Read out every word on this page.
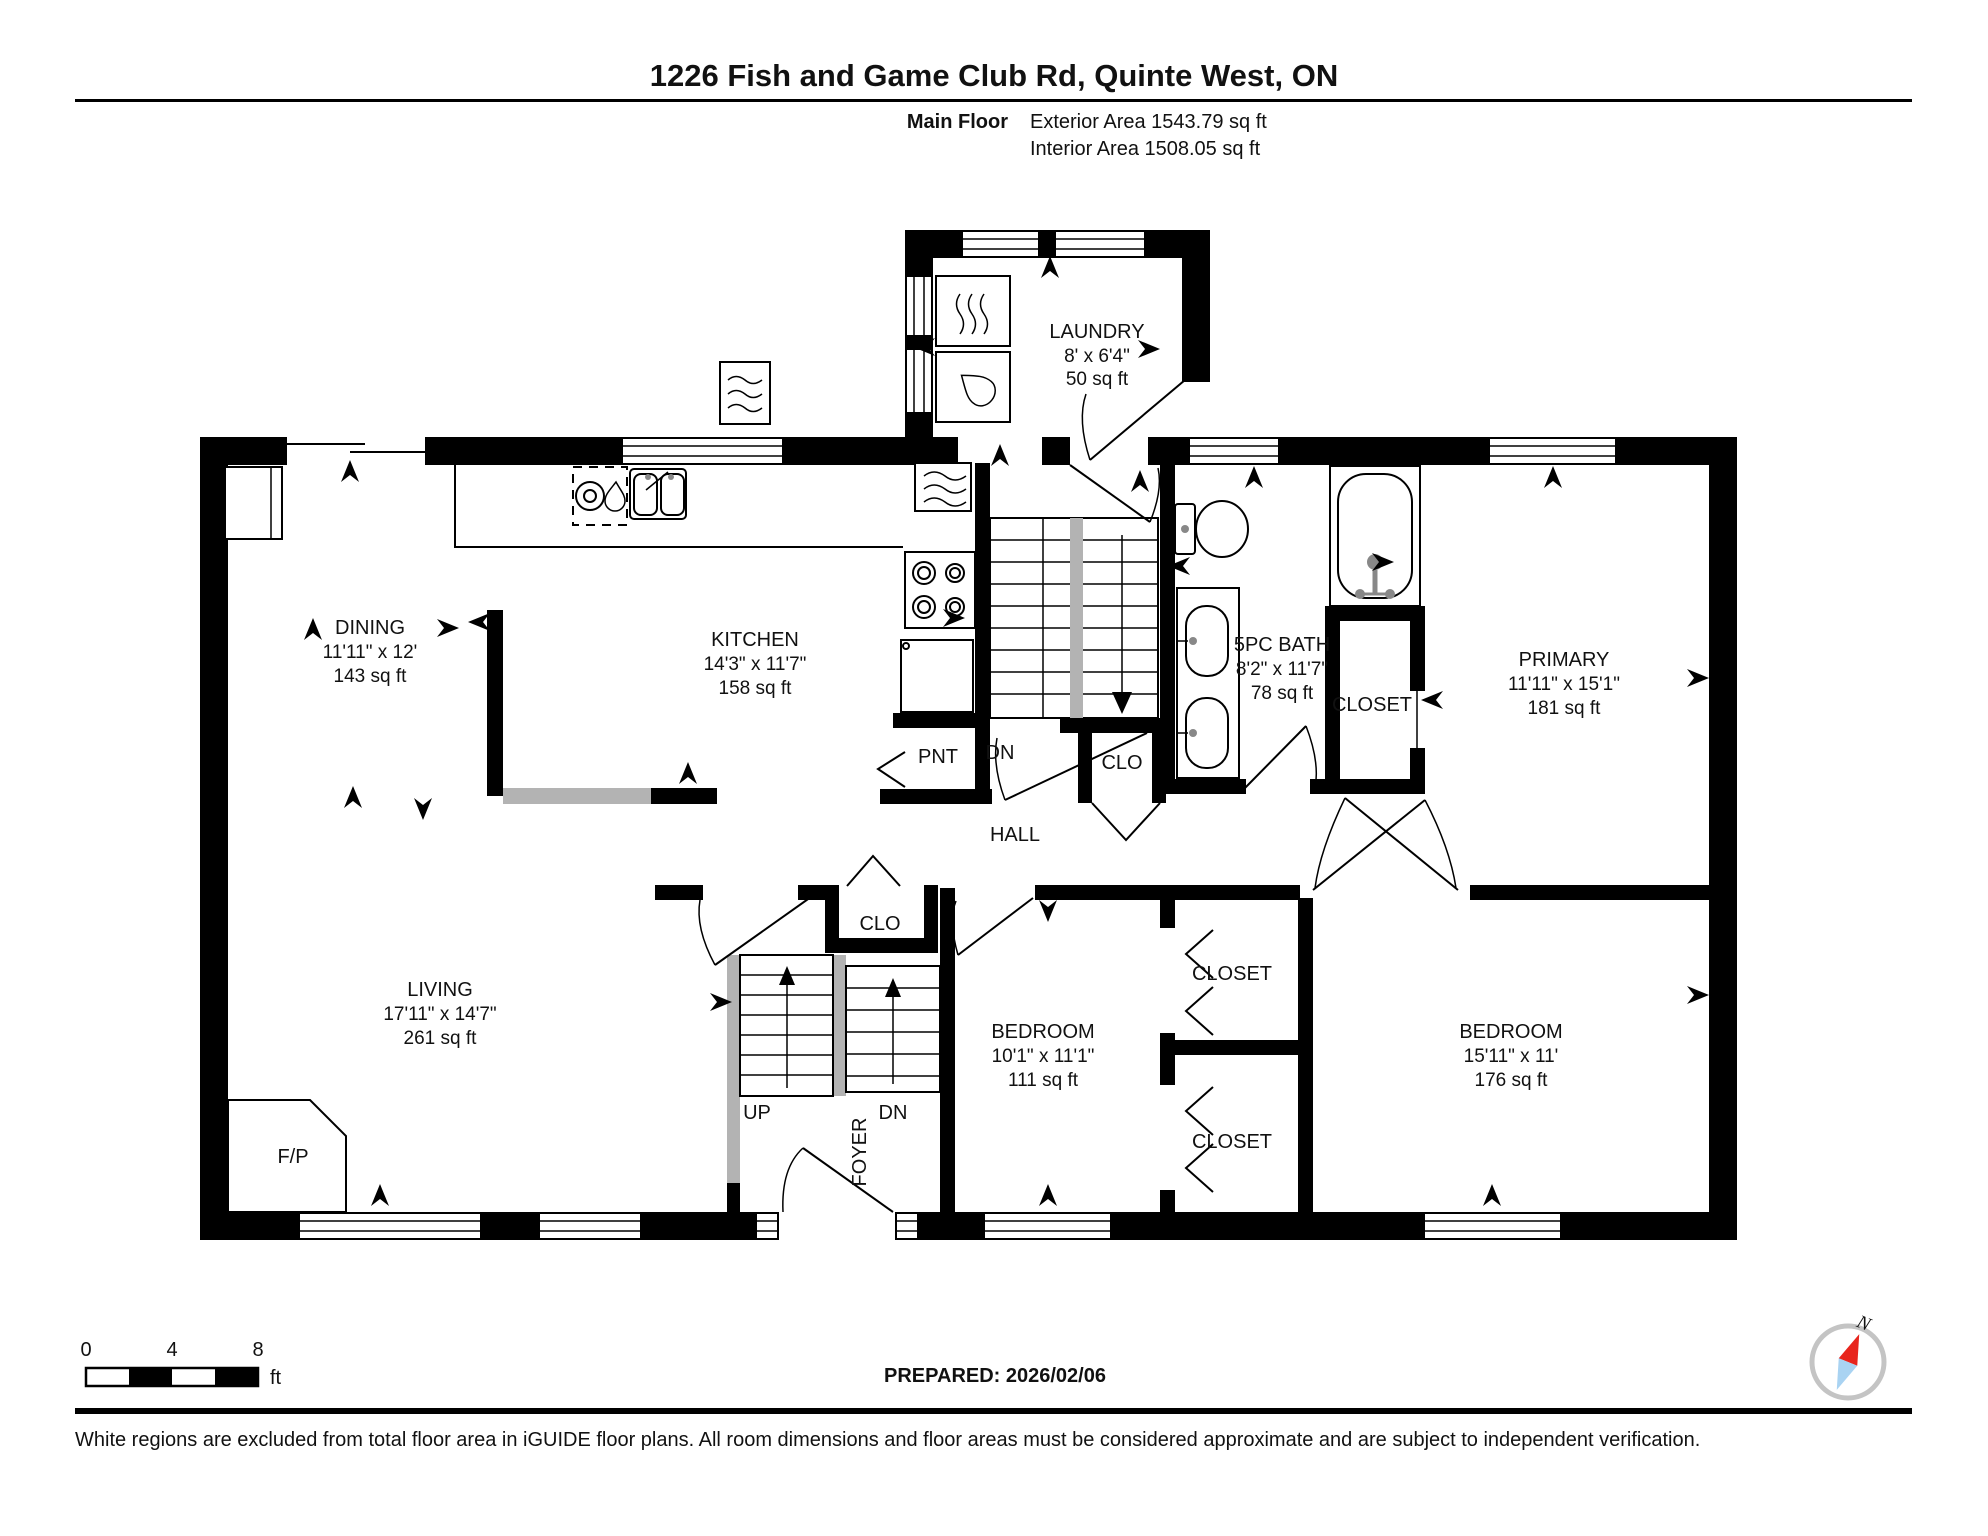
1226 Fish and Game Club Rd, Quinte West, ON
Main Floor Exterior Area 1543.79 sq ft
Interior Area 1508.05 sq ft
LAUNDRY
8' x 6'4"
50 sq ft
DINING
11'11" x 12'
143 sq ft
KITCHEN
14'3" x 11'7"
158 sq ft
5PC BATH
8'2" x 11'7"
78 sq ft
PRIMARY
11'11" x 15'1"
181 sq ft
LIVING
17'11" x 14'7"
261 sq ft	BEDROOM
10'1" x 11'1"
111 sq ft
BEDROOM
15'11" x 11'
176 sq ft
PNT DN	CLO
HALL
CLO
UP	DN
FOYER
F/P
CLOSET
CLOSET
CLOSET
0	4	8
ft	PREPARED: 2026/02/06
N
White regions are excluded from total floor area in iGUIDE floor plans. All room dimensions and floor areas must be considered approximate and are subject to independent verification.
